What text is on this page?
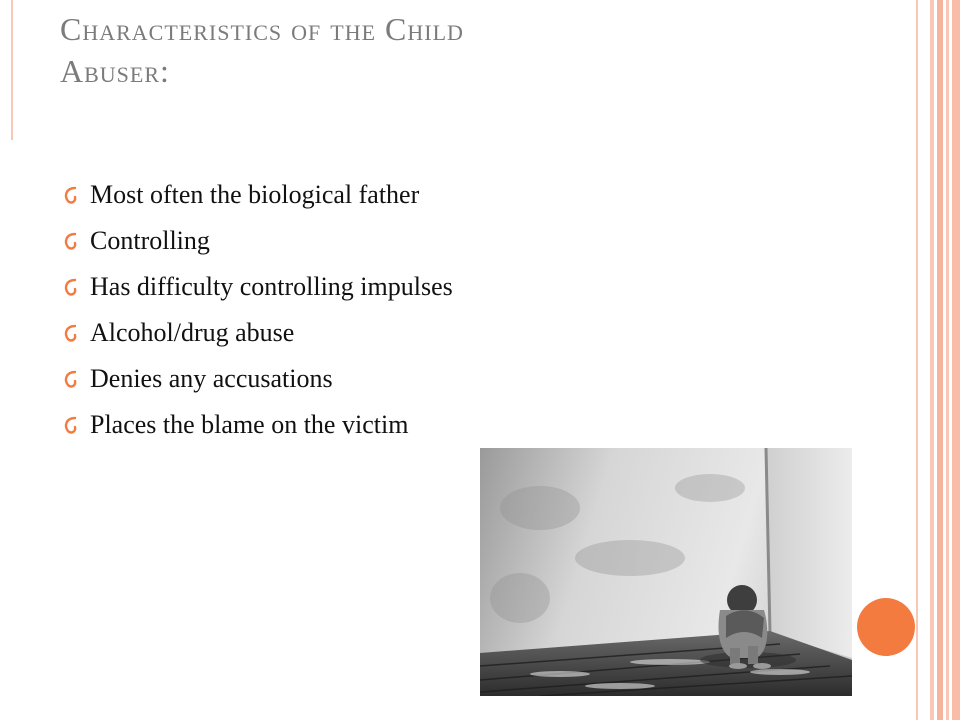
Characteristics of the Child
Abuser:
Most often the biological father
Controlling
Has difficulty controlling impulses
Alcohol/drug abuse
Denies any accusations
Places the blame on the victim
